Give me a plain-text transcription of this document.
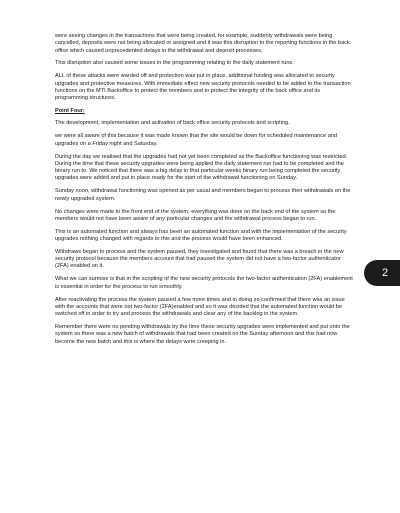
were seeing changes in the transactions that were being created, for example, suddenly withdrawals were being cancelled, deposits were not being allocated or assigned and it was this disruption to the reporting functions in the back office which caused unprecedented delays in the withdrawal and deposit processes.

This disruption also caused some issues in the programming relating to the daily statement runs.

ALL of these attacks were warded off and protection was put in place, additional funding was allocated to security upgrades and protective measures. With immediate effect new security protocols needed to be added to the transaction functions on the MTI Backoffice to protect the members and to protect the integrity of the back office and its programming structures.

Point Four:

The development, implementation and activation of back office security protocols and scripting.

we were all aware of this because it was made known that the site would be down for scheduled maintenance and upgrades on a Friday night and Saturday.

During the day we realised that the upgrades had not yet been completed as the Backoffice functioning was restricted. During the time that these security upgrades were being applied the daily statement run had to be completed and the binary run to. We noticed that there was a big delay in that particular weeks binary run being completed the security upgrades were added and put in place ready for the start of the withdrawal functioning on Sunday.

Sunday noon, withdrawal functioning was opened as per usual and members began to process their withdrawals on the newly upgraded system.

No changes were made to the front end of the system, everything was done on the back end of the system so the members would not have been aware of any particular changes and the withdrawal process began to run.

This is an automated function and always has been an automated function and with the implementation of the security upgrades nothing changed with regards to this and the process would have been enhanced.

Withdraws began to process and the system paused, they investigated and found that there was a breach in the new security protocol because the members account that had paused the system did not have a two-factor authenticator (2FA) enabled on it.

What we can surmise is that in the scripting of the new security protocols the two-factor authentication (2FA) enablement is essential in order for the process to run smoothly.

After reactivating the process the system paused a few more times and in doing so confirmed that there was an issue with the accounts that were not two-factor (2FA)enabled and so it was decided that the automated function would be switched off in order to try and process the withdrawals and clear any of the backlog in the system.

Remember there were no pending withdrawals by the time these security upgrades were implemented and put onto the system so there was a new batch of withdrawals that had been created on the Sunday afternoon and this had now become the new batch and this is where the delays were creeping in.

2
